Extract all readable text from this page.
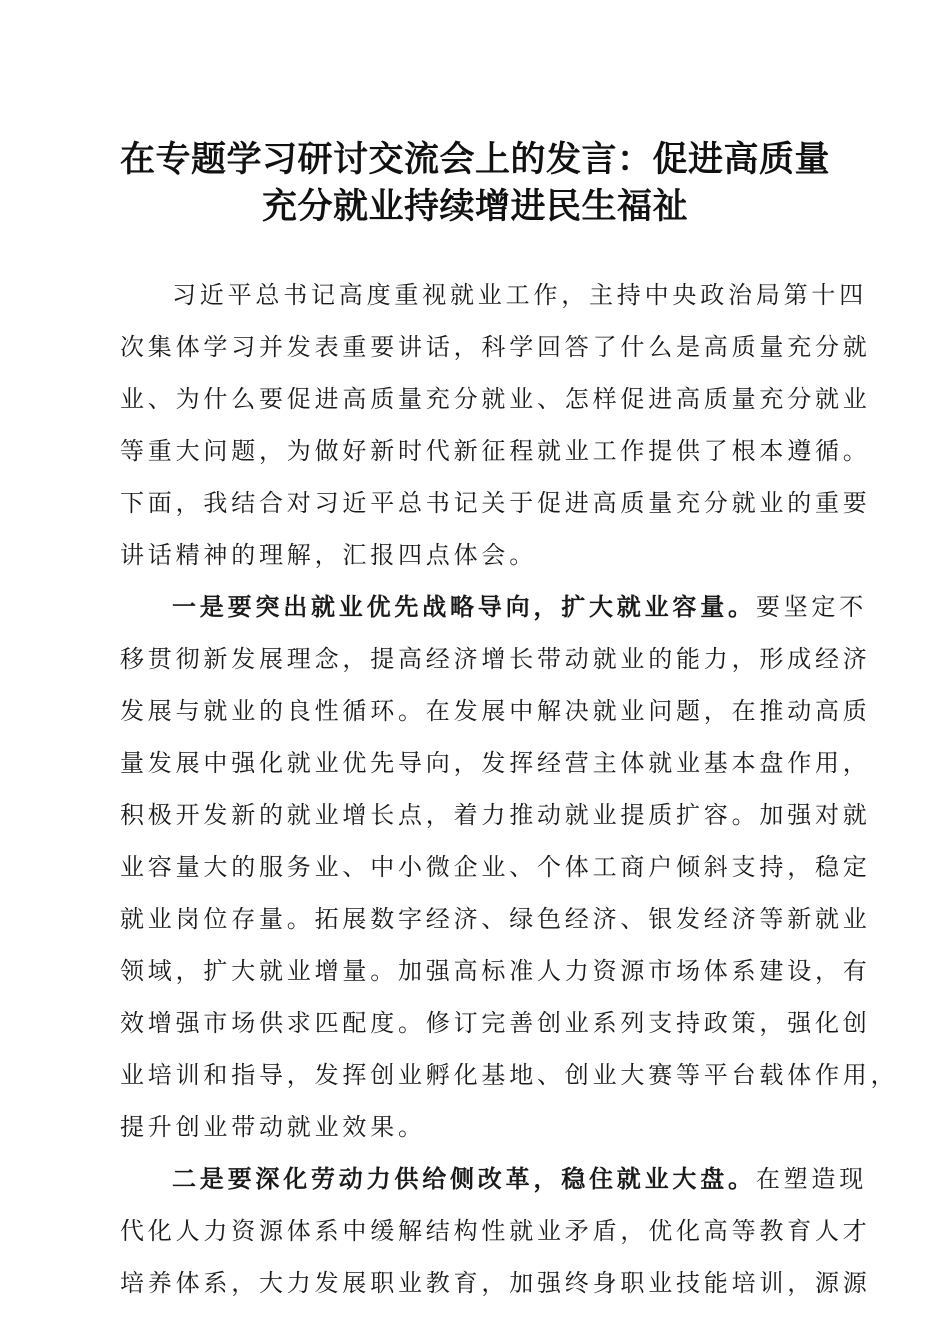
在专题学习研讨交流会上的发言：促进高质量
充分就业持续增进民生福祉
习近平总书记高度重视就业工作，主持中央政治局第十四
次集体学习并发表重要讲话，科学回答了什么是高质量充分就
业、为什么要促进高质量充分就业、怎样促进高质量充分就业
等重大问题，为做好新时代新征程就业工作提供了根本遵循。
下面，我结合对习近平总书记关于促进高质量充分就业的重要
讲话精神的理解，汇报四点体会。
一是要突出就业优先战略导向，扩大就业容量。要坚定不
移贯彻新发展理念，提高经济增长带动就业的能力，形成经济
发展与就业的良性循环。在发展中解决就业问题，在推动高质
量发展中强化就业优先导向，发挥经营主体就业基本盘作用，
积极开发新的就业增长点，着力推动就业提质扩容。加强对就
业容量大的服务业、中小微企业、个体工商户倾斜支持，稳定
就业岗位存量。拓展数字经济、绿色经济、银发经济等新就业
领域，扩大就业增量。加强高标准人力资源市场体系建设，有
效增强市场供求匹配度。修订完善创业系列支持政策，强化创
业培训和指导，发挥创业孵化基地、创业大赛等平台载体作用，
提升创业带动就业效果。
二是要深化劳动力供给侧改革，稳住就业大盘。在塑造现
代化人力资源体系中缓解结构性就业矛盾，优化高等教育人才
培养体系，大力发展职业教育，加强终身职业技能培训，源源
